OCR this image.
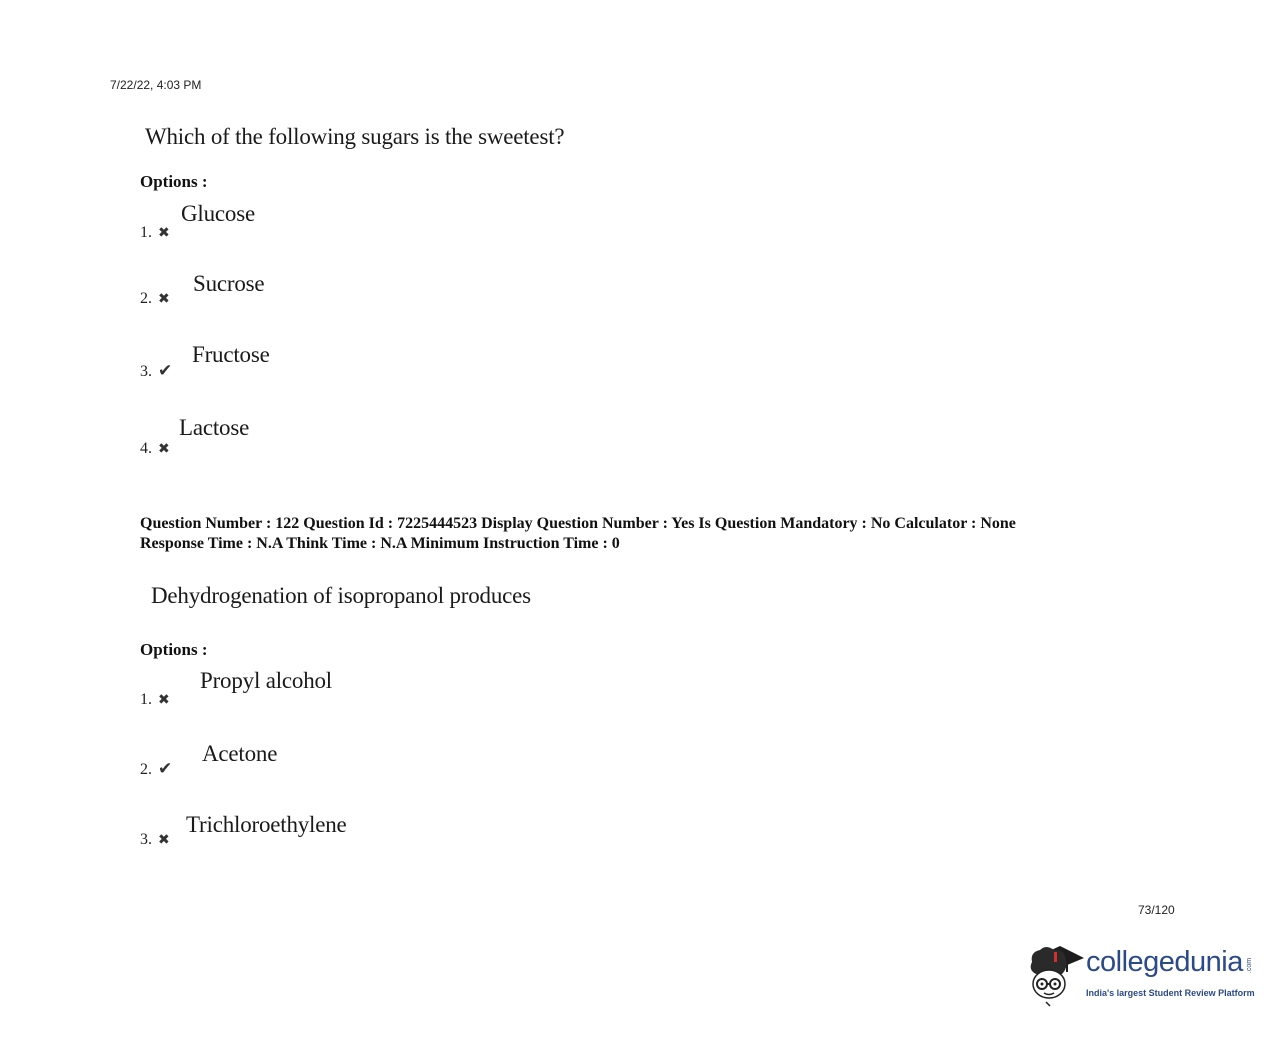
7/22/22, 4:03 PM
Which of the following sugars is the sweetest?
Options :
1. ✖
Glucose
2. ✖
Sucrose
3. ✔
Fructose
4. ✖
Lactose
Question Number : 122 Question Id : 7225444523 Display Question Number : Yes Is Question Mandatory : No Calculator : None
Response Time : N.A Think Time : N.A Minimum Instruction Time : 0
Dehydrogenation of isopropanol produces
Options :
1. ✖
Propyl alcohol
2. ✔
Acetone
3. ✖
Trichloroethylene
73/120
collegedunia .com
India's largest Student Review Platform
